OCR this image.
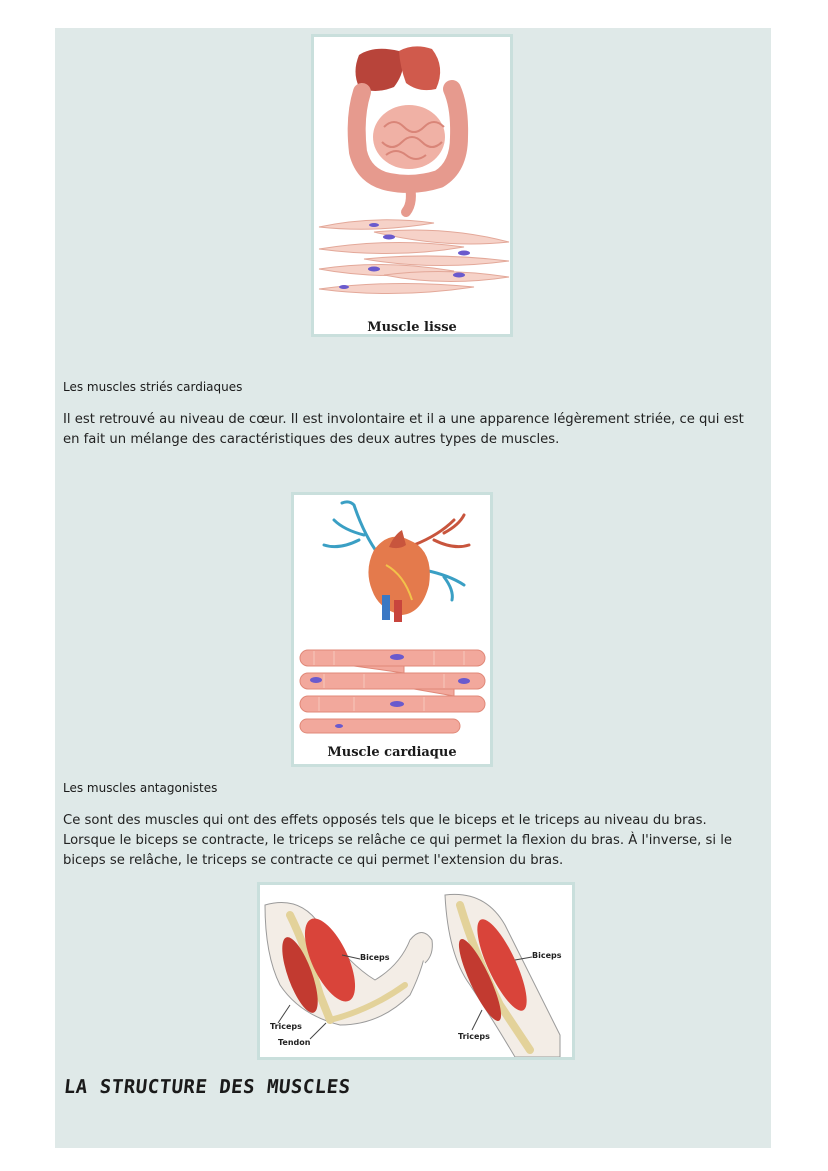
Muscle lisse
Les muscles striés cardiaques
Il est retrouvé au niveau de cœur. Il est involontaire et il a une apparence légèrement striée, ce qui est en fait un mélange des caractéristiques des deux autres types de muscles.
Muscle cardiaque
Les muscles antagonistes
Ce sont des muscles qui ont des effets opposés tels que le biceps et le triceps au niveau du bras. Lorsque le biceps se contracte, le triceps se relâche ce qui permet la flexion du bras. À l'inverse, si le biceps se relâche, le triceps se contracte ce qui permet l'extension du bras.
Biceps
Triceps
Tendon
Biceps
Triceps
LA STRUCTURE DES MUSCLES
